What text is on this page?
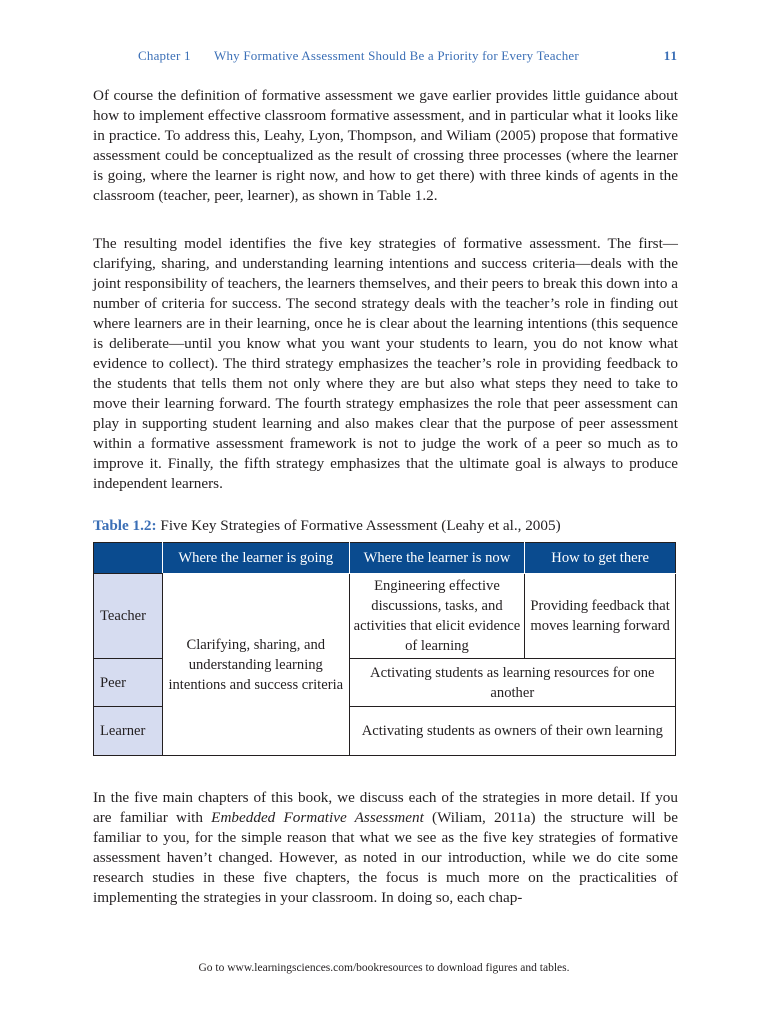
Chapter 1 Why Formative Assessment Should Be a Priority for Every Teacher	11

Of course the definition of formative assessment we gave earlier provides little guidance about how to implement effective classroom formative assessment, and in particular what it looks like in practice. To address this, Leahy, Lyon, Thompson, and Wiliam (2005) propose that formative assessment could be conceptualized as the result of crossing three processes (where the learner is going, where the learner is right now, and how to get there) with three kinds of agents in the classroom (teacher, peer, learner), as shown in Table 1.2.

The resulting model identifies the five key strategies of formative assessment. The first—clarifying, sharing, and understanding learning intentions and success criteria—deals with the joint responsibility of teachers, the learners themselves, and their peers to break this down into a number of criteria for success. The second strategy deals with the teacher’s role in finding out where learners are in their learning, once he is clear about the learning intentions (this sequence is deliberate—until you know what you want your students to learn, you do not know what evidence to collect). The third strategy emphasizes the teacher’s role in providing feedback to the students that tells them not only where they are but also what steps they need to take to move their learning forward. The fourth strategy emphasizes the role that peer assessment can play in supporting student learning and also makes clear that the purpose of peer assessment within a formative assessment framework is not to judge the work of a peer so much as to improve it. Finally, the fifth strategy emphasizes that the ultimate goal is always to produce independent learners.

Table 1.2: Five Key Strategies of Formative Assessment (Leahy et al., 2005)
	Where the learner is going	Where the learner is now	How to get there
Teacher	Clarifying, sharing, and understanding learning intentions and success criteria	Engineering effective discussions, tasks, and activities that elicit evidence of learning	Providing feedback that moves learning forward
Peer		Activating students as learning resources for one another	
Learner		Activating students as owners of their own learning	

In the five main chapters of this book, we discuss each of the strategies in more detail. If you are familiar with Embedded Formative Assessment (Wiliam, 2011a) the structure will be familiar to you, for the simple reason that what we see as the five key strategies of formative assessment haven’t changed. However, as noted in our introduction, while we do cite some research studies in these five chapters, the focus is much more on the practicalities of implementing the strategies in your classroom. In doing so, each chap-

Go to www.learningsciences.com/bookresources to download figures and tables.
